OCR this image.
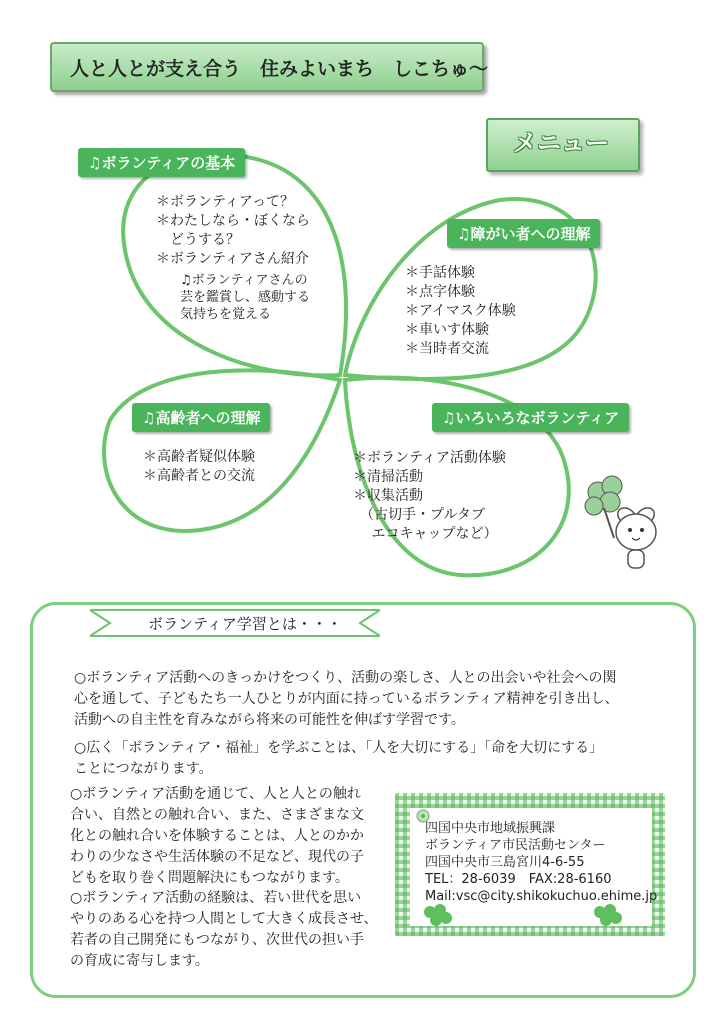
人と人とが支え合う　住みよいまち　しこちゅ～
メニュー
♫ボランティアの基本
＊ボランティアって？
＊わたしなら・ぼくなら
　どうする？
＊ボランティアさん紹介
♫ボランティアさんの
芸を鑑賞し、感動する
気持ちを覚える
♫障がい者への理解
＊手話体験
＊点字体験
＊アイマスク体験
＊車いす体験
＊当時者交流
♫高齢者への理解
＊高齢者疑似体験
＊高齢者との交流
♫いろいろなボランティア
＊ボランティア活動体験
＊清掃活動
＊収集活動
　（古切手・プルタブ
　 エコキャップなど）
ボランティア学習とは・・・
○ボランティア活動へのきっかけをつくり、活動の楽しさ、人との出会いや社会への関
心を通して、子どもたち一人ひとりが内面に持っているボランティア精神を引き出し、
活動への自主性を育みながら将来の可能性を伸ばす学習です。
○広く「ボランティア・福祉」を学ぶことは、「人を大切にする」「命を大切にする」
ことにつながります。
○ボランティア活動を通じて、人と人との触れ
合い、自然との触れ合い、また、さまざまな文
化との触れ合いを体験することは、人とのかか
わりの少なさや生活体験の不足など、現代の子
どもを取り巻く問題解決にもつながります。
○ボランティア活動の経験は、若い世代を思い
やりのある心を持つ人間として大きく成長させ、
若者の自己開発にもつながり、次世代の担い手
の育成に寄与します。
四国中央市地域振興課
ボランティア市民活動センター
四国中央市三島宮川4-6-55
TEL：28-6039　FAX:28-6160
Mail:vsc@city.shikokuchuo.ehime.jp
